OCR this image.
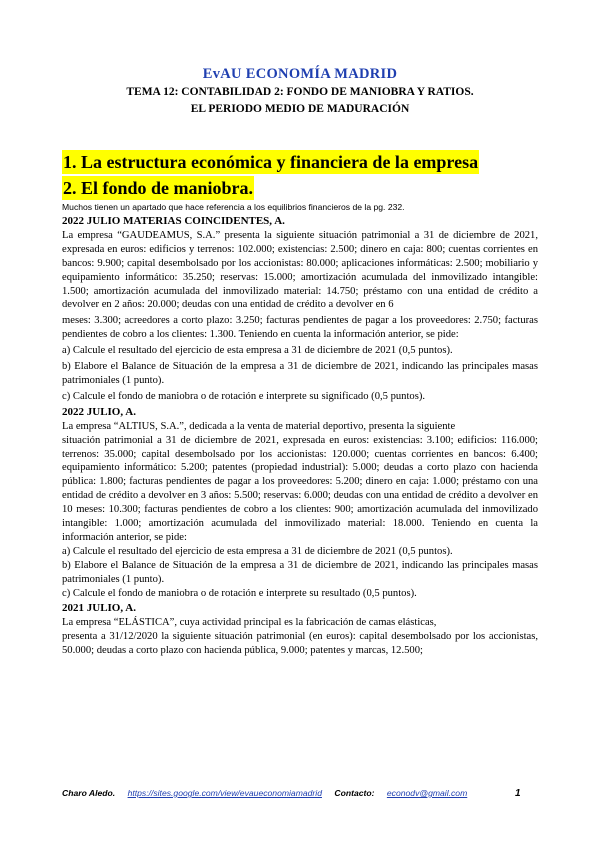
EvAU ECONOMÍA MADRID
TEMA 12: CONTABILIDAD 2: FONDO DE MANIOBRA Y RATIOS.
EL PERIODO MEDIO DE MADURACIÓN
1. La estructura económica y financiera de la empresa
2. El fondo de maniobra.
Muchos tienen un apartado que hace referencia a los equilibrios financieros de la pg. 232.

2022 JULIO MATERIAS COINCIDENTES, A.

La empresa “GAUDEAMUS, S.A.” presenta la siguiente situación patrimonial a 31 de diciembre de 2021, expresada en euros: edificios y terrenos: 102.000; existencias: 2.500; dinero en caja: 800; cuentas corrientes en bancos: 9.900; capital desembolsado por los accionistas: 80.000; aplicaciones informáticas: 2.500; mobiliario y equipamiento informático: 35.250; reservas: 15.000; amortización acumulada del inmovilizado intangible: 1.500; amortización acumulada del inmovilizado material: 14.750; préstamo con una entidad de crédito a devolver en 2 años: 20.000; deudas con una entidad de crédito a devolver en 6

meses: 3.300; acreedores a corto plazo: 3.250; facturas pendientes de pagar a los proveedores: 2.750; facturas pendientes de cobro a los clientes: 1.300. Teniendo en cuenta la información anterior, se pide:

a) Calcule el resultado del ejercicio de esta empresa a 31 de diciembre de 2021 (0,5 puntos).

b) Elabore el Balance de Situación de la empresa a 31 de diciembre de 2021, indicando las principales masas patrimoniales (1 punto).

c) Calcule el fondo de maniobra o de rotación e interprete su significado (0,5 puntos).

2022 JULIO, A.

La empresa “ALTIUS, S.A.”, dedicada a la venta de material deportivo, presenta la siguiente

situación patrimonial a 31 de diciembre de 2021, expresada en euros: existencias: 3.100; edificios: 116.000; terrenos: 35.000; capital desembolsado por los accionistas: 120.000; cuentas corrientes en bancos: 6.400; equipamiento informático: 5.200; patentes (propiedad industrial): 5.000; deudas a corto plazo con hacienda pública: 1.800; facturas pendientes de pagar a los proveedores: 5.200; dinero en caja: 1.000; préstamo con una entidad de crédito a devolver en 3 años: 5.500; reservas: 6.000; deudas con una entidad de crédito a devolver en 10 meses: 10.300; facturas pendientes de cobro a los clientes: 900; amortización acumulada del inmovilizado intangible: 1.000; amortización acumulada del inmovilizado material: 18.000. Teniendo en cuenta la información anterior, se pide:

a) Calcule el resultado del ejercicio de esta empresa a 31 de diciembre de 2021 (0,5 puntos).

b) Elabore el Balance de Situación de la empresa a 31 de diciembre de 2021, indicando las principales masas patrimoniales (1 punto).

c) Calcule el fondo de maniobra o de rotación e interprete su resultado (0,5 puntos).

2021 JULIO, A.

La empresa “ELÁSTICA”, cuya actividad principal es la fabricación de camas elásticas,

presenta a 31/12/2020 la siguiente situación patrimonial (en euros): capital desembolsado por los accionistas, 50.000; deudas a corto plazo con hacienda pública, 9.000; patentes y marcas, 12.500;

Charo Aledo. https://sites.google.com/view/evaueconomiamadrid Contacto: econodv@gmail.com	1
